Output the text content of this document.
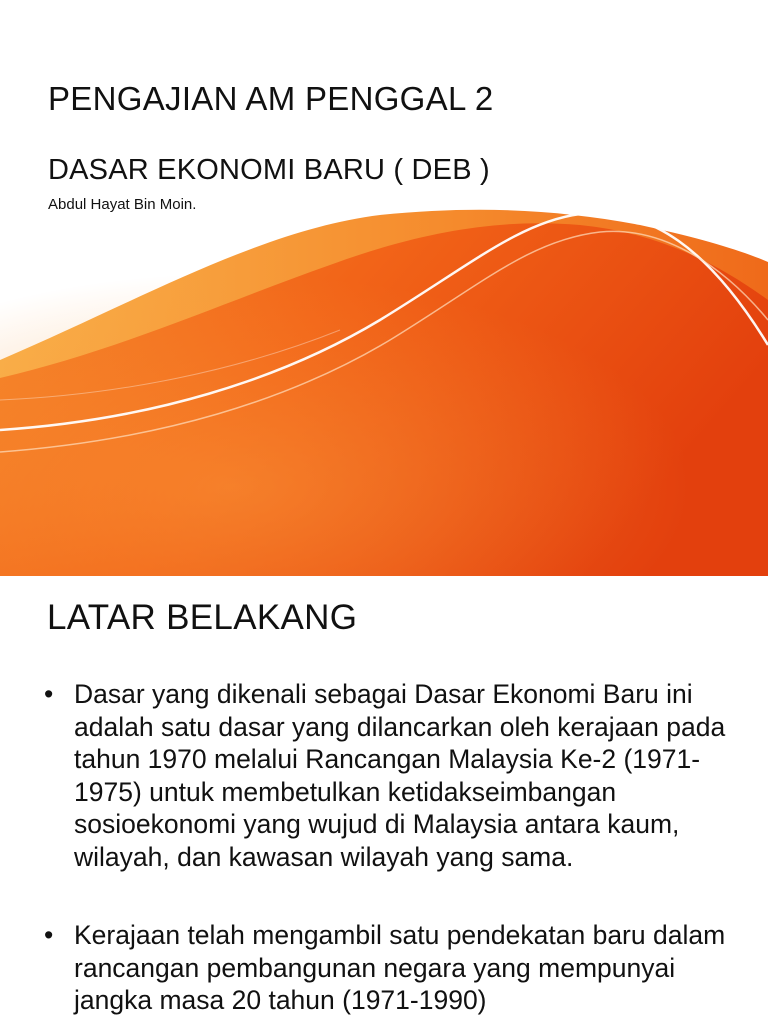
PENGAJIAN AM PENGGAL 2
DASAR EKONOMI BARU ( DEB )
Abdul Hayat Bin Moin.
LATAR BELAKANG
• Dasar yang dikenali sebagai Dasar Ekonomi Baru ini adalah satu dasar yang dilancarkan oleh kerajaan pada tahun 1970 melalui Rancangan Malaysia Ke-2 (1971-1975) untuk membetulkan ketidakseimbangan sosioekonomi yang wujud di Malaysia antara kaum, wilayah, dan kawasan wilayah yang sama.
• Kerajaan telah mengambil satu pendekatan baru dalam rancangan pembangunan negara yang mempunyai jangka masa 20 tahun (1971-1990)
